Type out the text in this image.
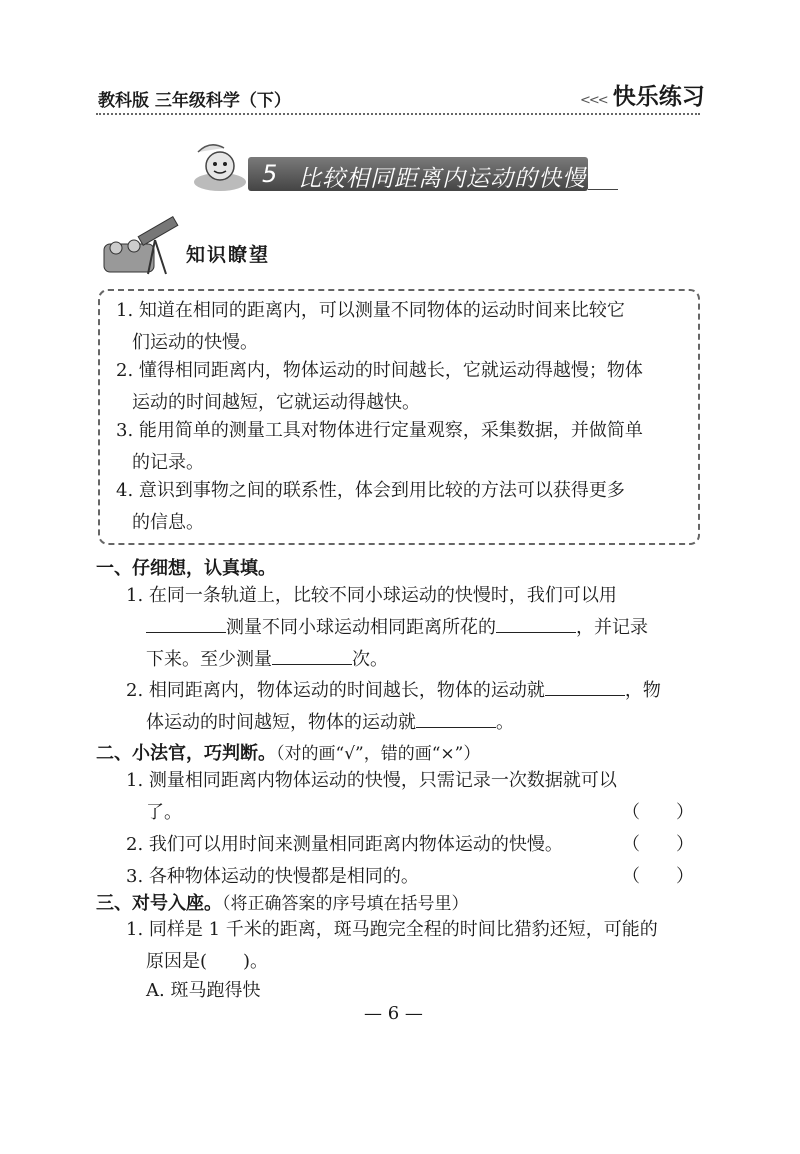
教科版 三年级科学（下）	<<< 快乐练习
5 比较相同距离内运动的快慢
知识瞭望
1. 知道在相同的距离内，可以测量不同物体的运动时间来比较它
们运动的快慢。
2. 懂得相同距离内，物体运动的时间越长，它就运动得越慢；物体
运动的时间越短，它就运动得越快。
3. 能用简单的测量工具对物体进行定量观察，采集数据，并做简单
的记录。
4. 意识到事物之间的联系性，体会到用比较的方法可以获得更多
的信息。
一、仔细想，认真填。
1. 在同一条轨道上，比较不同小球运动的快慢时，我们可以用
测量不同小球运动相同距离所花的	，并记录
下来。至少测量	次。
2. 相同距离内，物体运动的时间越长，物体的运动就	，物
体运动的时间越短，物体的运动就	。
二、小法官，巧判断。（对的画“√”，错的画“×”）
1. 测量相同距离内物体运动的快慢，只需记录一次数据就可以
了。	（　　）
2. 我们可以用时间来测量相同距离内物体运动的快慢。	（　　）
3. 各种物体运动的快慢都是相同的。	（　　）
三、对号入座。（将正确答案的序号填在括号里）
1. 同样是 1 千米的距离，斑马跑完全程的时间比猎豹还短，可能的
原因是(　　)。
A. 斑马跑得快
— 6 —
